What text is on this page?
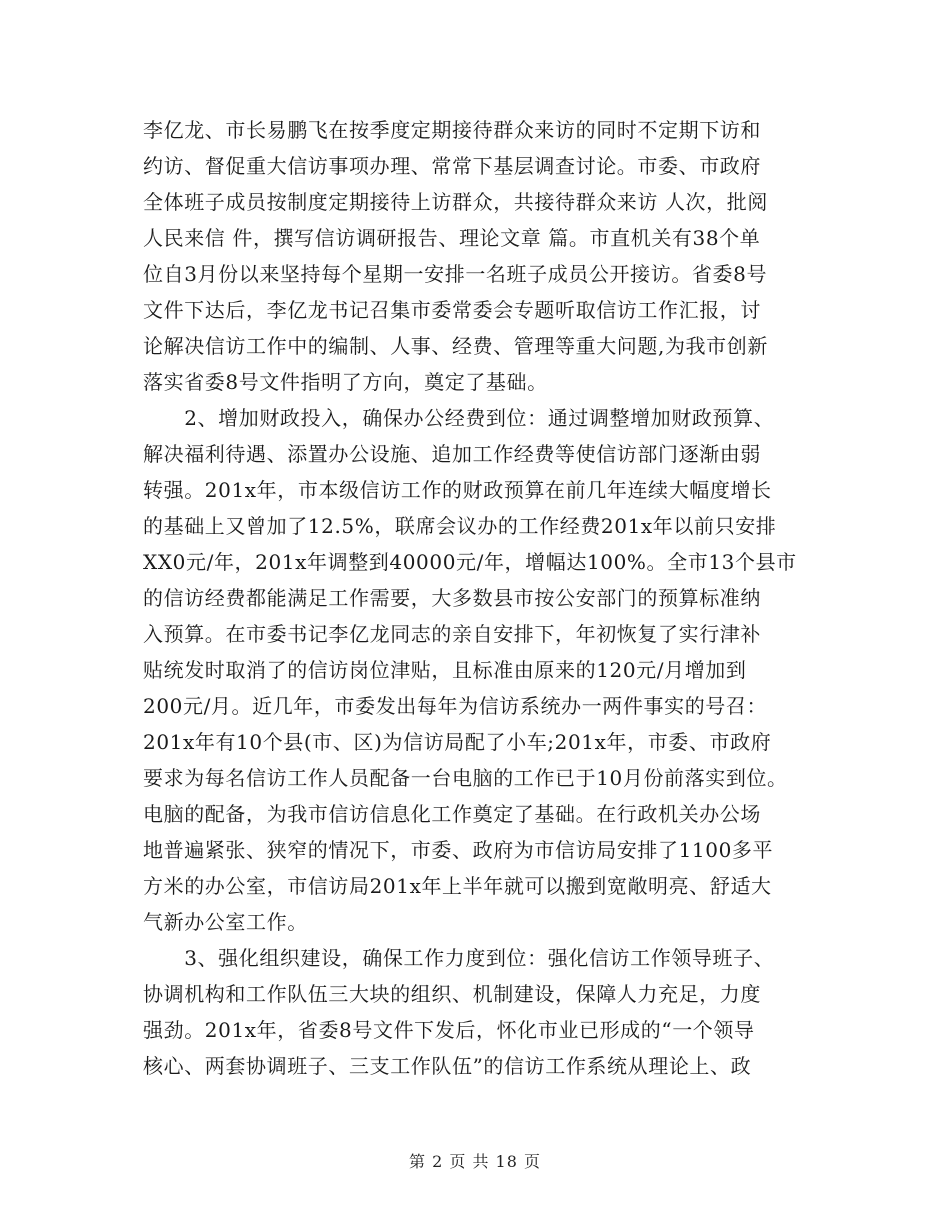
李亿龙、市长易鹏飞在按季度定期接待群众来访的同时不定期下访和
约访、督促重大信访事项办理、常常下基层调查讨论。市委、市政府
全体班子成员按制度定期接待上访群众，共接待群众来访 人次，批阅
人民来信 件，撰写信访调研报告、理论文章 篇。市直机关有38个单
位自3月份以来坚持每个星期一安排一名班子成员公开接访。省委8号
文件下达后，李亿龙书记召集市委常委会专题听取信访工作汇报，讨
论解决信访工作中的编制、人事、经费、管理等重大问题,为我市创新
落实省委8号文件指明了方向，奠定了基础。
　　2、增加财政投入，确保办公经费到位：通过调整增加财政预算、
解决福利待遇、添置办公设施、追加工作经费等使信访部门逐渐由弱
转强。201x年，市本级信访工作的财政预算在前几年连续大幅度增长
的基础上又曾加了12.5%，联席会议办的工作经费201x年以前只安排
XX0元/年，201x年调整到40000元/年，增幅达100%。全市13个县市
的信访经费都能满足工作需要，大多数县市按公安部门的预算标准纳
入预算。在市委书记李亿龙同志的亲自安排下，年初恢复了实行津补
贴统发时取消了的信访岗位津贴，且标准由原来的120元/月增加到
200元/月。近几年，市委发出每年为信访系统办一两件事实的号召：
201x年有10个县(市、区)为信访局配了小车;201x年，市委、市政府
要求为每名信访工作人员配备一台电脑的工作已于10月份前落实到位。
电脑的配备，为我市信访信息化工作奠定了基础。在行政机关办公场
地普遍紧张、狭窄的情况下，市委、政府为市信访局安排了1100多平
方米的办公室，市信访局201x年上半年就可以搬到宽敞明亮、舒适大
气新办公室工作。
　　3、强化组织建设，确保工作力度到位：强化信访工作领导班子、
协调机构和工作队伍三大块的组织、机制建设，保障人力充足，力度
强劲。201x年，省委8号文件下发后，怀化市业已形成的“一个领导
核心、两套协调班子、三支工作队伍”的信访工作系统从理论上、政
第 2 页 共 18 页
